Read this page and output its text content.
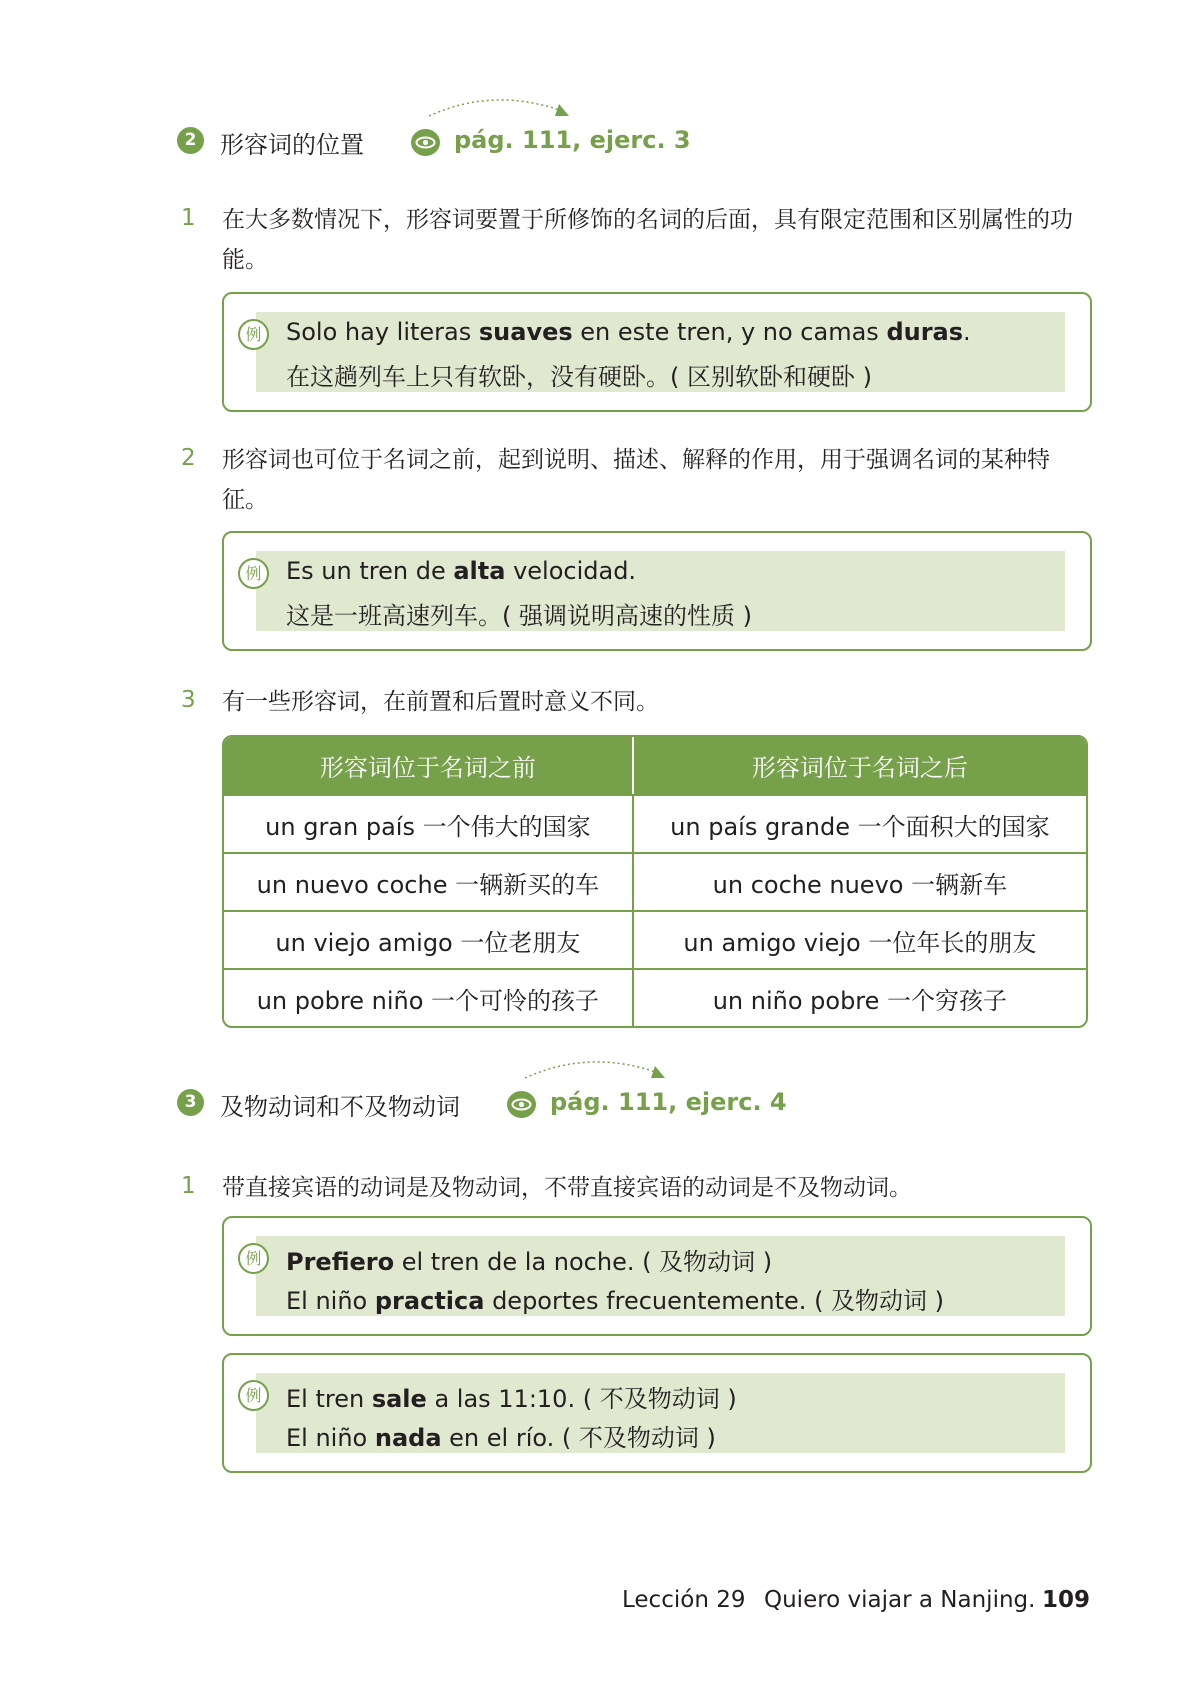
2 形容词的位置	pág. 111, ejerc. 3
1 在大多数情况下，形容词要置于所修饰的名词的后面，具有限定范围和区别属性的功能。
例	Solo hay literas suaves en este tren, y no camas duras.
在这趟列车上只有软卧，没有硬卧。( 区别软卧和硬卧 )
2 形容词也可位于名词之前，起到说明、描述、解释的作用，用于强调名词的某种特征。
例	Es un tren de alta velocidad.
这是一班高速列车。( 强调说明高速的性质 )
3 有一些形容词，在前置和后置时意义不同。
形容词位于名词之前	形容词位于名词之后
un gran país 一个伟大的国家	un país grande 一个面积大的国家
un nuevo coche 一辆新买的车	un coche nuevo 一辆新车
un viejo amigo 一位老朋友	un amigo viejo 一位年长的朋友
un pobre niño 一个可怜的孩子	un niño pobre 一个穷孩子
3 及物动词和不及物动词	pág. 111, ejerc. 4
1 带直接宾语的动词是及物动词，不带直接宾语的动词是不及物动词。
例	Prefiero el tren de la noche. ( 及物动词 )
El niño practica deportes frecuentemente. ( 及物动词 )
例	El tren sale a las 11:10. ( 不及物动词 )
El niño nada en el río. ( 不及物动词 )
Lección 29 Quiero viajar a Nanjing. 109
